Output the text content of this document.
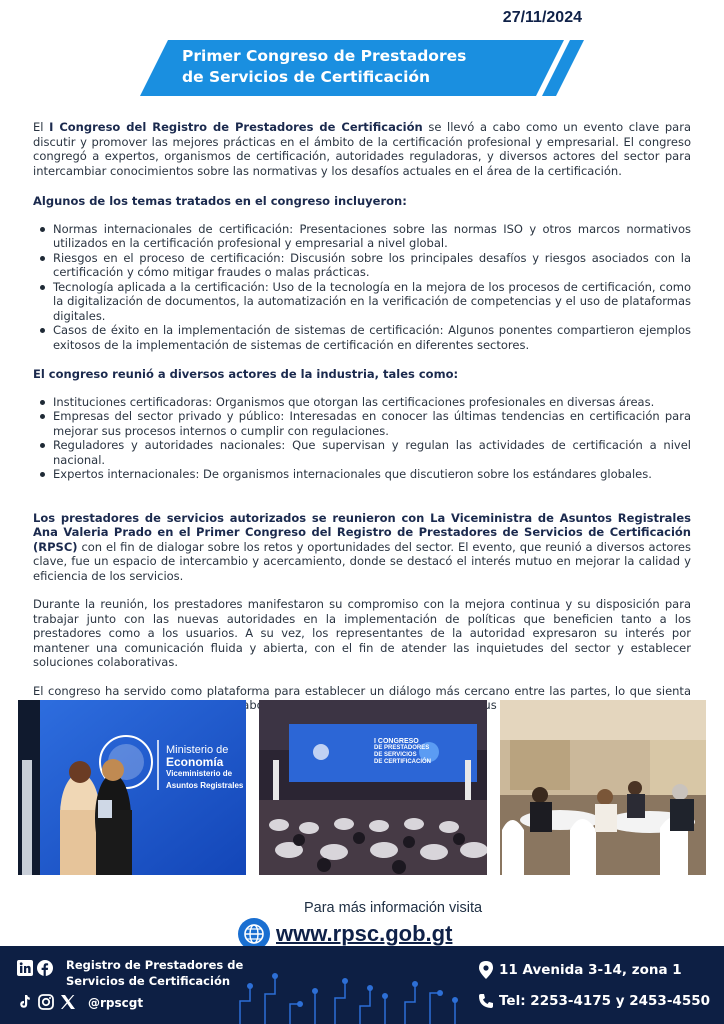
27/11/2024
Primer Congreso de Prestadores
de Servicios de Certificación

El I Congreso del Registro de Prestadores de Certificación se llevó a cabo como un evento clave para discutir y promover las mejores prácticas en el ámbito de la certificación profesional y empresarial. El congreso congregó a expertos, organismos de certificación, autoridades reguladoras, y diversos actores del sector para intercambiar conocimientos sobre las normativas y los desafíos actuales en el área de la certificación.

Algunos de los temas tratados en el congreso incluyeron:
Normas internacionales de certificación: Presentaciones sobre las normas ISO y otros marcos normativos utilizados en la certificación profesional y empresarial a nivel global.
Riesgos en el proceso de certificación: Discusión sobre los principales desafíos y riesgos asociados con la certificación y cómo mitigar fraudes o malas prácticas.
Tecnología aplicada a la certificación: Uso de la tecnología en la mejora de los procesos de certificación, como la digitalización de documentos, la automatización en la verificación de competencias y el uso de plataformas digitales.
Casos de éxito en la implementación de sistemas de certificación: Algunos ponentes compartieron ejemplos exitosos de la implementación de sistemas de certificación en diferentes sectores.
El congreso reunió a diversos actores de la industria, tales como:
Instituciones certificadoras: Organismos que otorgan las certificaciones profesionales en diversas áreas.
Empresas del sector privado y público: Interesadas en conocer las últimas tendencias en certificación para mejorar sus procesos internos o cumplir con regulaciones.
Reguladores y autoridades nacionales: Que supervisan y regulan las actividades de certificación a nivel nacional.
Expertos internacionales: De organismos internacionales que discutieron sobre los estándares globales.

Los prestadores de servicios autorizados se reunieron con La Viceministra de Asuntos Registrales Ana Valeria Prado en el Primer Congreso del Registro de Prestadores de Servicios de Certificación (RPSC) con el fin de dialogar sobre los retos y oportunidades del sector. El evento, que reunió a diversos actores clave, fue un espacio de intercambio y acercamiento, donde se destacó el interés mutuo en mejorar la calidad y eficiencia de los servicios.

Durante la reunión, los prestadores manifestaron su compromiso con la mejora continua y su disposición para trabajar junto con las nuevas autoridades en la implementación de políticas que beneficien tanto a los prestadores como a los usuarios. A su vez, los representantes de la autoridad expresaron su interés por mantener una comunicación fluida y abierta, con el fin de atender las inquietudes del sector y establecer soluciones colaborativas.

El congreso ha servido como plataforma para establecer un diálogo más cercano entre las partes, lo que sienta sus

Ministerio de
Economía
Viceministerio de
Asuntos Registrales
I CONGRESO
DE PRESTADORES
DE SERVICIOS
DE CERTIFICACIÓN
Para más información visita
www.rpsc.gob.gt
Registro de Prestadores de
Servicios de Certificación
@rpscgt
11 Avenida 3-14, zona 1
Tel: 2253-4175 y 2453-4550
